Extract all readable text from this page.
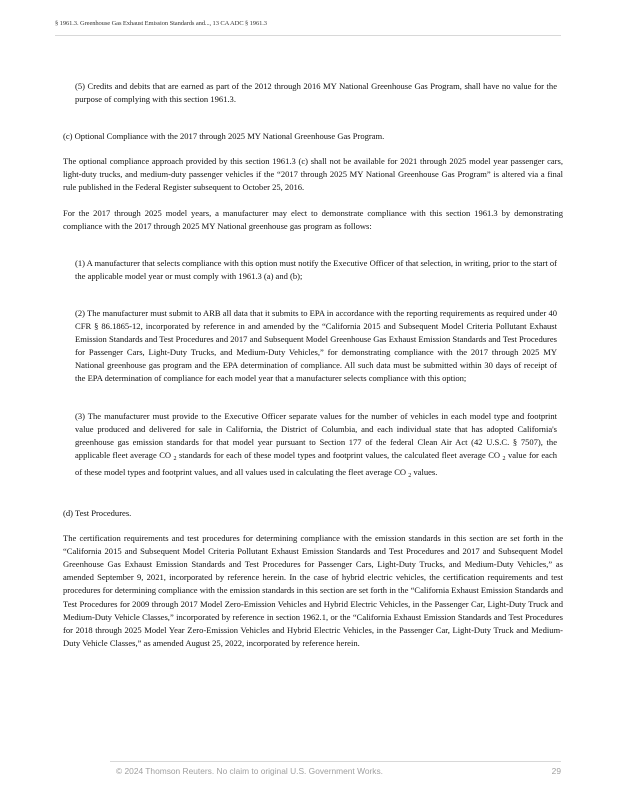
§ 1961.3. Greenhouse Gas Exhaust Emission Standards and..., 13 CA ADC § 1961.3

(5) Credits and debits that are earned as part of the 2012 through 2016 MY National Greenhouse Gas Program, shall have no value for the purpose of complying with this section 1961.3.

(c) Optional Compliance with the 2017 through 2025 MY National Greenhouse Gas Program.

The optional compliance approach provided by this section 1961.3 (c) shall not be available for 2021 through 2025 model year passenger cars, light-duty trucks, and medium-duty passenger vehicles if the “2017 through 2025 MY National Greenhouse Gas Program” is altered via a final rule published in the Federal Register subsequent to October 25, 2016.

For the 2017 through 2025 model years, a manufacturer may elect to demonstrate compliance with this section 1961.3 by demonstrating compliance with the 2017 through 2025 MY National greenhouse gas program as follows:

(1) A manufacturer that selects compliance with this option must notify the Executive Officer of that selection, in writing, prior to the start of the applicable model year or must comply with 1961.3 (a) and (b);

(2) The manufacturer must submit to ARB all data that it submits to EPA in accordance with the reporting requirements as required under 40 CFR § 86.1865-12, incorporated by reference in and amended by the “California 2015 and Subsequent Model Criteria Pollutant Exhaust Emission Standards and Test Procedures and 2017 and Subsequent Model Greenhouse Gas Exhaust Emission Standards and Test Procedures for Passenger Cars, Light-Duty Trucks, and Medium-Duty Vehicles,” for demonstrating compliance with the 2017 through 2025 MY National greenhouse gas program and the EPA determination of compliance. All such data must be submitted within 30 days of receipt of the EPA determination of compliance for each model year that a manufacturer selects compliance with this option;

(3) The manufacturer must provide to the Executive Officer separate values for the number of vehicles in each model type and footprint value produced and delivered for sale in California, the District of Columbia, and each individual state that has adopted California's greenhouse gas emission standards for that model year pursuant to Section 177 of the federal Clean Air Act (42 U.S.C. § 7507), the applicable fleet average CO $_2$ standards for each of these model types and footprint values, the calculated fleet average CO $_2$ value for each of these model types and footprint values, and all values used in calculating the fleet average CO $_2$ values.

(d) Test Procedures.

The certification requirements and test procedures for determining compliance with the emission standards in this section are set forth in the “California 2015 and Subsequent Model Criteria Pollutant Exhaust Emission Standards and Test Procedures and 2017 and Subsequent Model Greenhouse Gas Exhaust Emission Standards and Test Procedures for Passenger Cars, Light-Duty Trucks, and Medium-Duty Vehicles,” as amended September 9, 2021, incorporated by reference herein. In the case of hybrid electric vehicles, the certification requirements and test procedures for determining compliance with the emission standards in this section are set forth in the “California Exhaust Emission Standards and Test Procedures for 2009 through 2017 Model Zero-Emission Vehicles and Hybrid Electric Vehicles, in the Passenger Car, Light-Duty Truck and Medium-Duty Vehicle Classes,” incorporated by reference in section 1962.1, or the “California Exhaust Emission Standards and Test Procedures for 2018 through 2025 Model Year Zero-Emission Vehicles and Hybrid Electric Vehicles, in the Passenger Car, Light-Duty Truck and Medium-Duty Vehicle Classes,” as amended August 25, 2022, incorporated by reference herein.

© 2024 Thomson Reuters. No claim to original U.S. Government Works.	29
